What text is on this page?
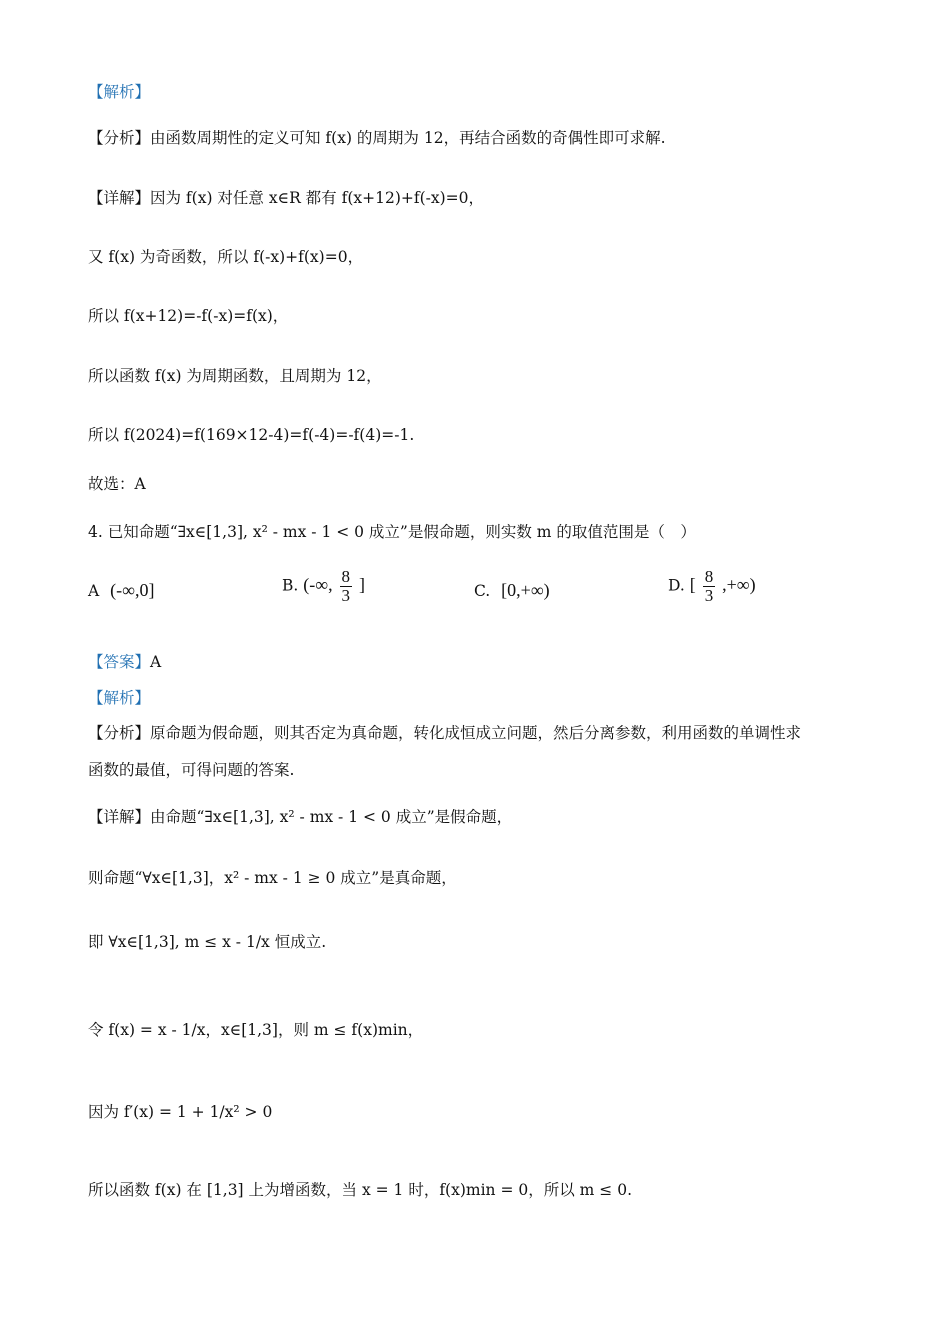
【解析】
【分析】由函数周期性的定义可知 f(x) 的周期为 12，再结合函数的奇偶性即可求解.
【详解】因为 f(x) 对任意 x∈R 都有 f(x+12)+f(-x)=0，
又 f(x) 为奇函数，所以 f(-x)+f(x)=0，
所以 f(x+12)=-f(-x)=f(x)，
所以函数 f(x) 为周期函数，且周期为 12，
所以 f(2024)=f(169×12-4)=f(-4)=-f(4)=-1.
故选：A
4. 已知命题“∃x∈[1,3], x² - mx - 1 < 0 成立”是假命题，则实数 m 的取值范围是（　）
A (-∞,0]	B. (-∞, $\frac{8}{3}$ ]	C. [0,+∞)	D. [ $\frac{8}{3}$ ,+∞)
【答案】A
【解析】
【分析】原命题为假命题，则其否定为真命题，转化成恒成立问题，然后分离参数，利用函数的单调性求
函数的最值，可得问题的答案.
【详解】由命题“∃x∈[1,3], x² - mx - 1 < 0 成立”是假命题，
则命题“∀x∈[1,3]，x² - mx - 1 ≥ 0 成立”是真命题，
即 ∀x∈[1,3], m ≤ x - 1/x 恒成立.
令 f(x) = x - 1/x，x∈[1,3]，则 m ≤ f(x)min，
因为 f′(x) = 1 + 1/x² > 0
所以函数 f(x) 在 [1,3] 上为增函数，当 x = 1 时，f(x)min = 0，所以 m ≤ 0.
